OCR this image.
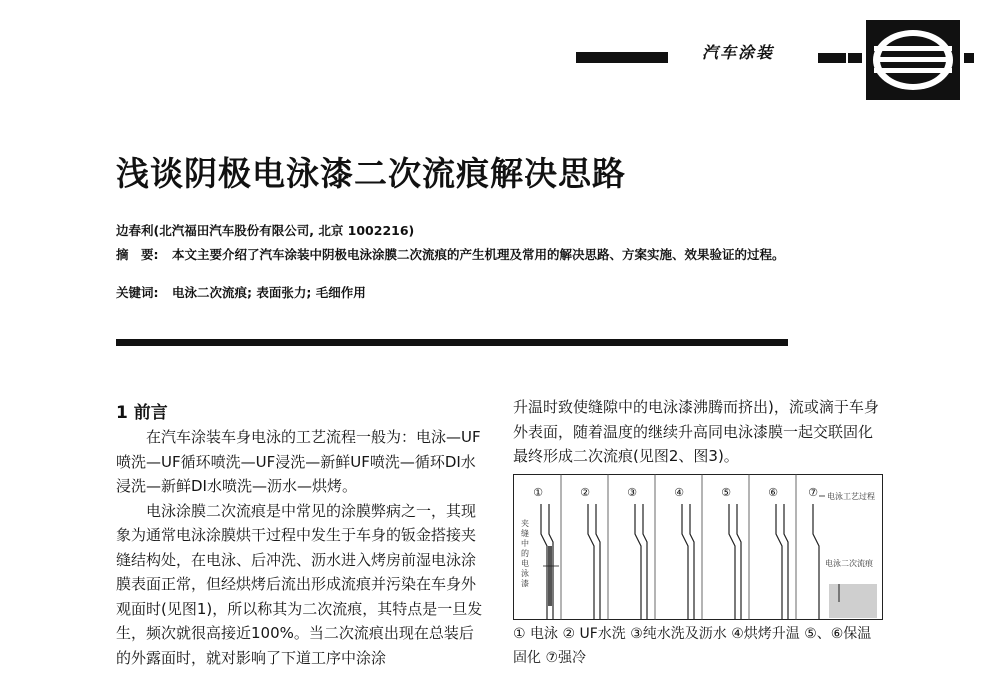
汽车涂装
浅谈阴极电泳漆二次流痕解决思路
边春利(北汽福田汽车股份有限公司, 北京 1002216)
摘　要: 本文主要介绍了汽车涂装中阴极电泳涂膜二次流痕的产生机理及常用的解决思路、方案实施、效果验证的过程。
关键词: 电泳二次流痕; 表面张力; 毛细作用
1 前言

在汽车涂装车身电泳的工艺流程一般为：电泳—UF喷洗—UF循环喷洗—UF浸洗—新鲜UF喷洗—循环DI水浸洗—新鲜DI水喷洗—沥水—烘烤。

电泳涂膜二次流痕是中常见的涂膜弊病之一，其现象为通常电泳涂膜烘干过程中发生于车身的钣金搭接夹缝结构处，在电泳、后冲洗、沥水进入烤房前湿电泳涂膜表面正常，但经烘烤后流出形成流痕并污染在车身外观面时(见图1)，所以称其为二次流痕，其特点是一旦发生，频次就很高接近100%。当二次流痕出现在总装后的外露面时，就对影响了下道工序中涂涂

升温时致使缝隙中的电泳漆沸腾而挤出)，流或滴于车身外表面，随着温度的继续升高同电泳漆膜一起交联固化最终形成二次流痕(见图2、图3)。

①	②	③	④	⑤	⑥	⑦
夹缝中的电泳漆
电泳工艺过程
电泳二次流痕
① 电泳 ② UF水洗 ③纯水洗及沥水 ④烘烤升温 ⑤、⑥保温固化 ⑦强冷
